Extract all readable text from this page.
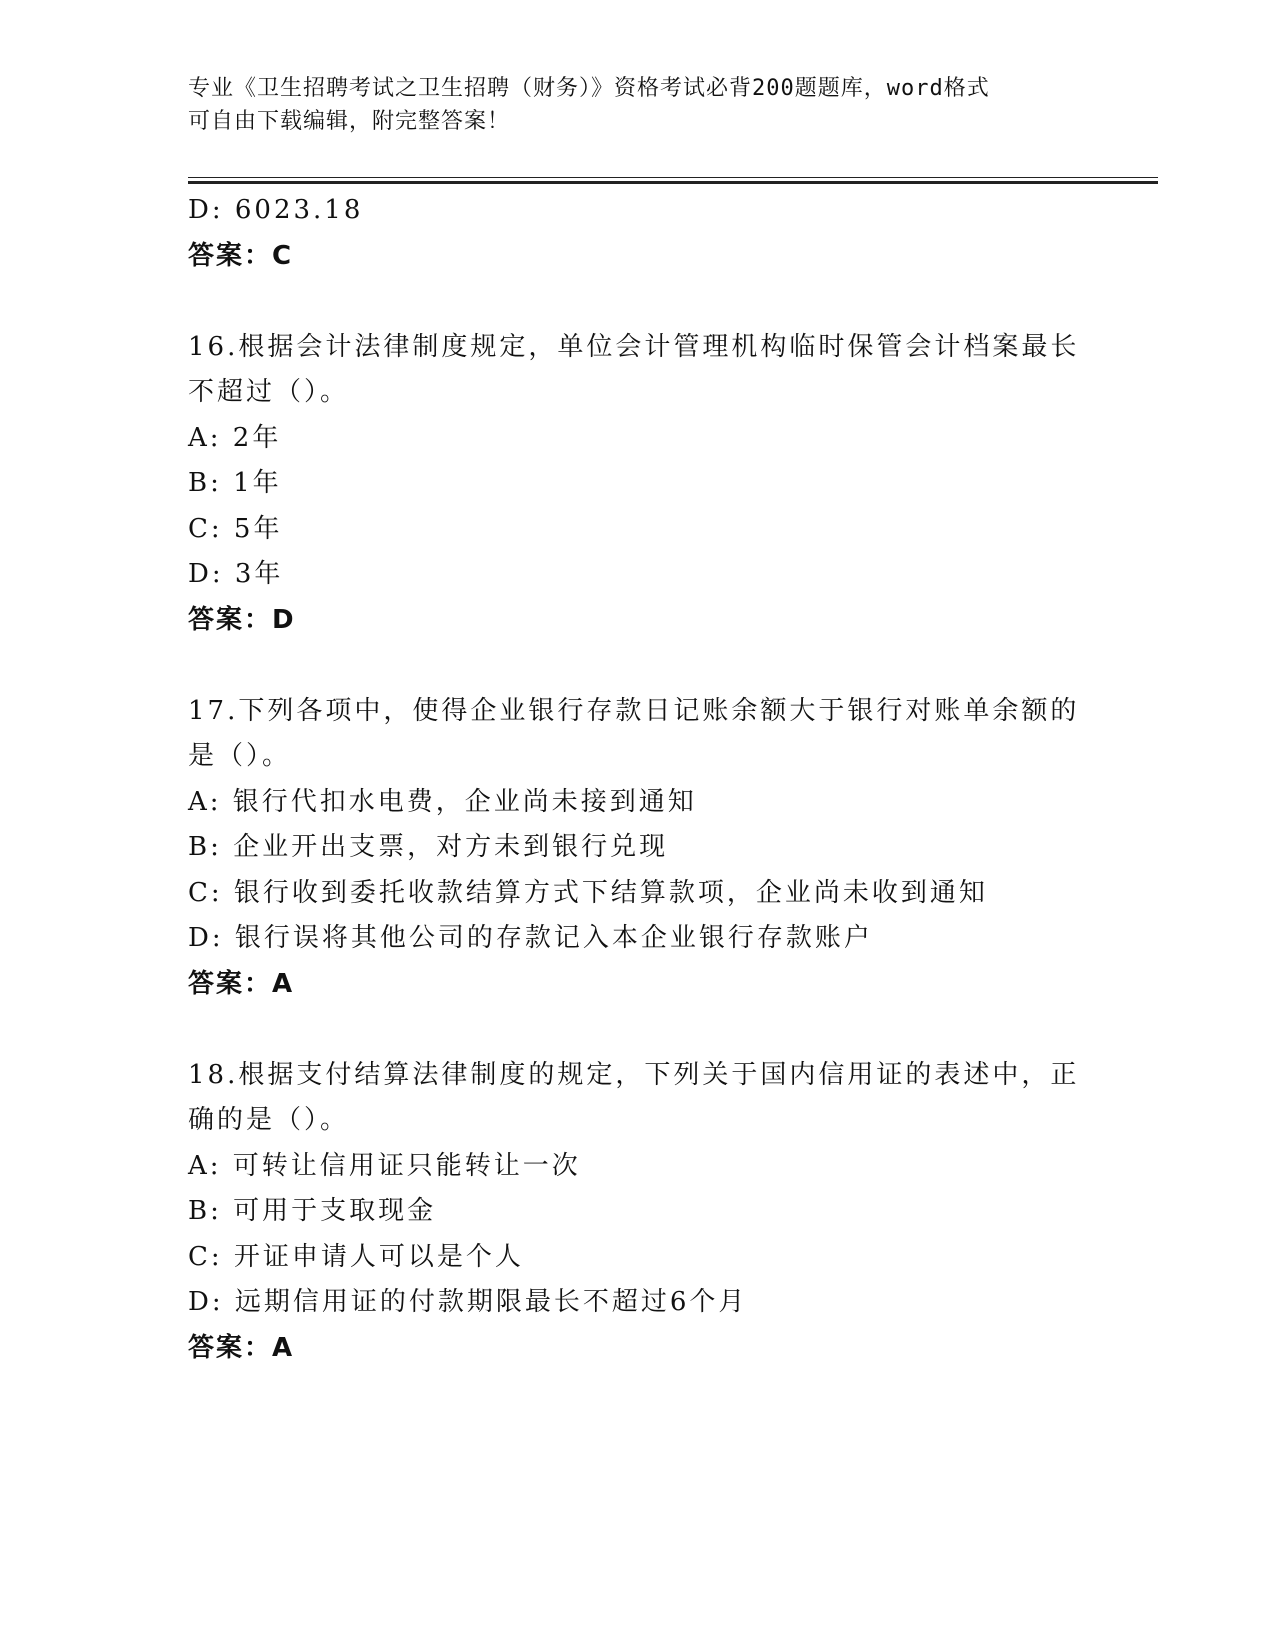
专业《卫生招聘考试之卫生招聘（财务）》资格考试必背200题题库，word格式
可自由下载编辑，附完整答案！
D: 6023.18
答案：C
16.根据会计法律制度规定，单位会计管理机构临时保管会计档案最长
不超过（）。
A: 2年
B: 1年
C: 5年
D: 3年
答案：D
17.下列各项中，使得企业银行存款日记账余额大于银行对账单余额的
是（）。
A: 银行代扣水电费，企业尚未接到通知
B: 企业开出支票，对方未到银行兑现
C: 银行收到委托收款结算方式下结算款项，企业尚未收到通知
D: 银行误将其他公司的存款记入本企业银行存款账户
答案：A
18.根据支付结算法律制度的规定，下列关于国内信用证的表述中，正
确的是（）。
A: 可转让信用证只能转让一次
B: 可用于支取现金
C: 开证申请人可以是个人
D: 远期信用证的付款期限最长不超过6个月
答案：A
